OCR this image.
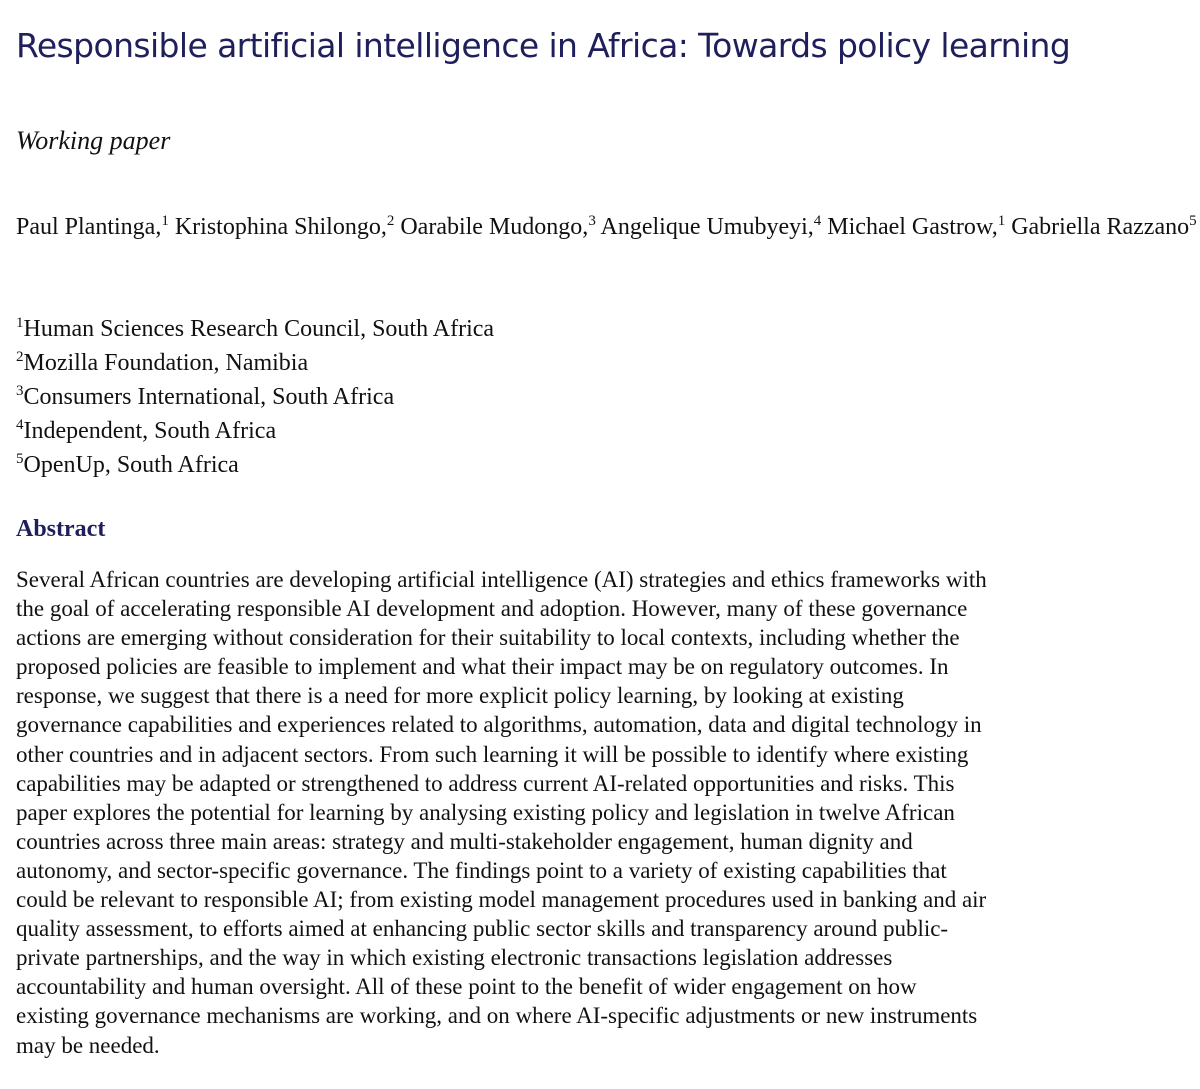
Responsible artificial intelligence in Africa: Towards policy learning
Working paper
Paul Plantinga,$^1$ Kristophina Shilongo,$^2$ Oarabile Mudongo,$^3$ Angelique Umubyeyi,$^4$ Michael Gastrow,$^1$ Gabriella Razzano$^5$
$^1$Human Sciences Research Council, South Africa
$^2$Mozilla Foundation, Namibia
$^3$Consumers International, South Africa
$^4$Independent, South Africa
$^5$OpenUp, South Africa
Abstract
Several African countries are developing artificial intelligence (AI) strategies and ethics frameworks with
the goal of accelerating responsible AI development and adoption. However, many of these governance
actions are emerging without consideration for their suitability to local contexts, including whether the
proposed policies are feasible to implement and what their impact may be on regulatory outcomes. In
response, we suggest that there is a need for more explicit policy learning, by looking at existing
governance capabilities and experiences related to algorithms, automation, data and digital technology in
other countries and in adjacent sectors. From such learning it will be possible to identify where existing
capabilities may be adapted or strengthened to address current AI-related opportunities and risks. This
paper explores the potential for learning by analysing existing policy and legislation in twelve African
countries across three main areas: strategy and multi-stakeholder engagement, human dignity and
autonomy, and sector-specific governance. The findings point to a variety of existing capabilities that
could be relevant to responsible AI; from existing model management procedures used in banking and air
quality assessment, to efforts aimed at enhancing public sector skills and transparency around public-
private partnerships, and the way in which existing electronic transactions legislation addresses
accountability and human oversight. All of these point to the benefit of wider engagement on how
existing governance mechanisms are working, and on where AI-specific adjustments or new instruments
may be needed.
